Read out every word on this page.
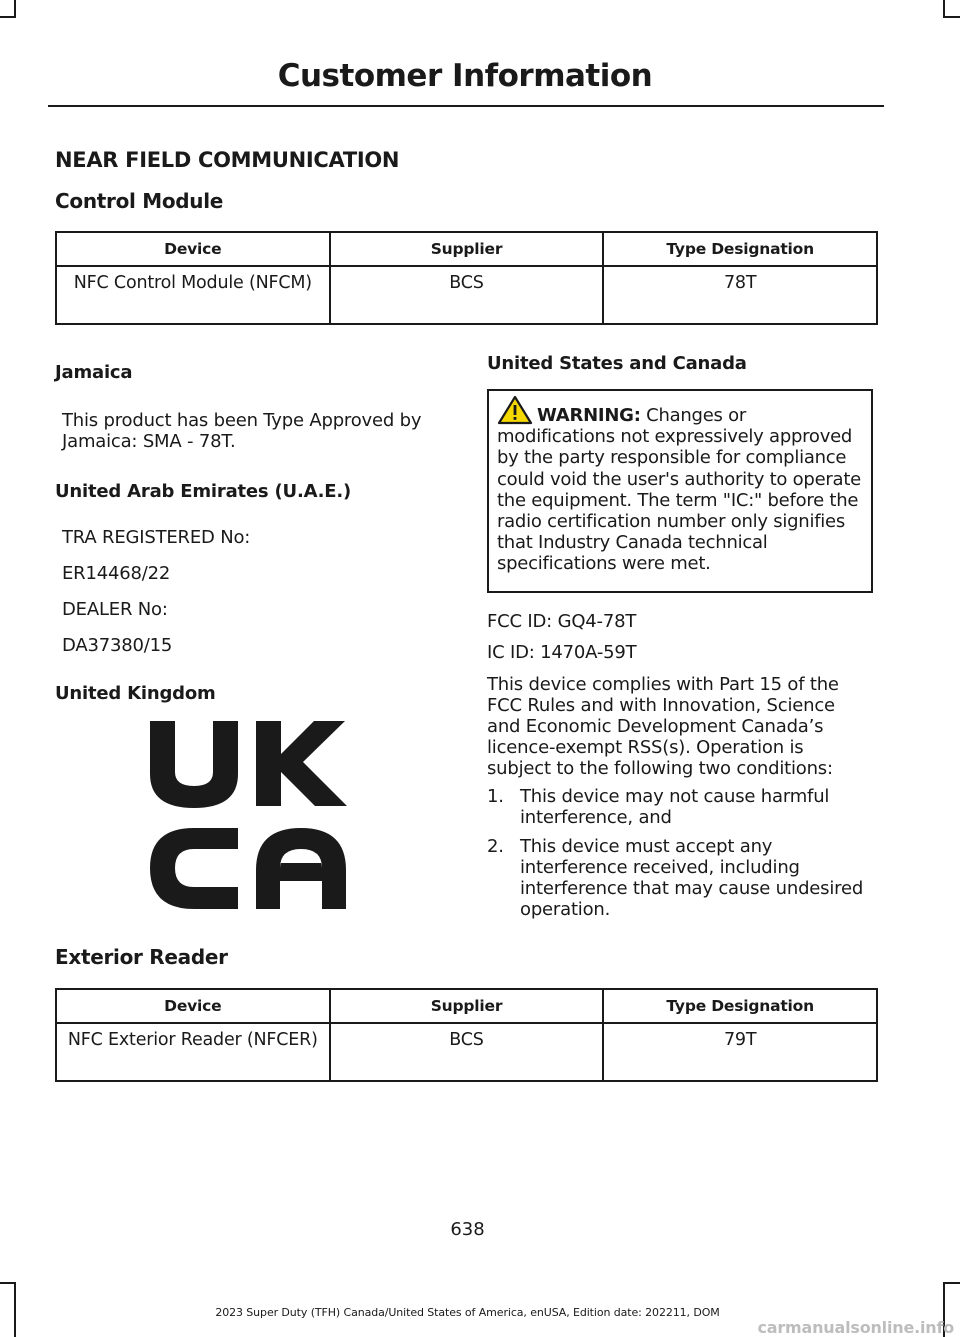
Customer Information
NEAR FIELD COMMUNICATION
Control Module
Device	Supplier	Type Designation
NFC Control Module (NFCM)	BCS	78T
Jamaica
This product has been Type Approved by Jamaica: SMA - 78T.
United Arab Emirates (U.A.E.)
TRA REGISTERED No:
ER14468/22
DEALER No:
DA37380/15
United Kingdom
United States and Canada
WARNING: Changes or modifications not expressively approved by the party responsible for compliance could void the user's authority to operate the equipment. The term "IC:" before the radio certification number only signifies that Industry Canada technical specifications were met.
FCC ID: GQ4-78T
IC ID: 1470A-59T
This device complies with Part 15 of the FCC Rules and with Innovation, Science and Economic Development Canada’s licence-exempt RSS(s). Operation is subject to the following two conditions:
1. This device may not cause harmful interference, and
2. This device must accept any interference received, including interference that may cause undesired operation.
Exterior Reader
Device	Supplier	Type Designation
NFC Exterior Reader (NFCER)	BCS	79T
638
2023 Super Duty (TFH) Canada/United States of America, enUSA, Edition date: 202211, DOM
carmanualsonline.info
